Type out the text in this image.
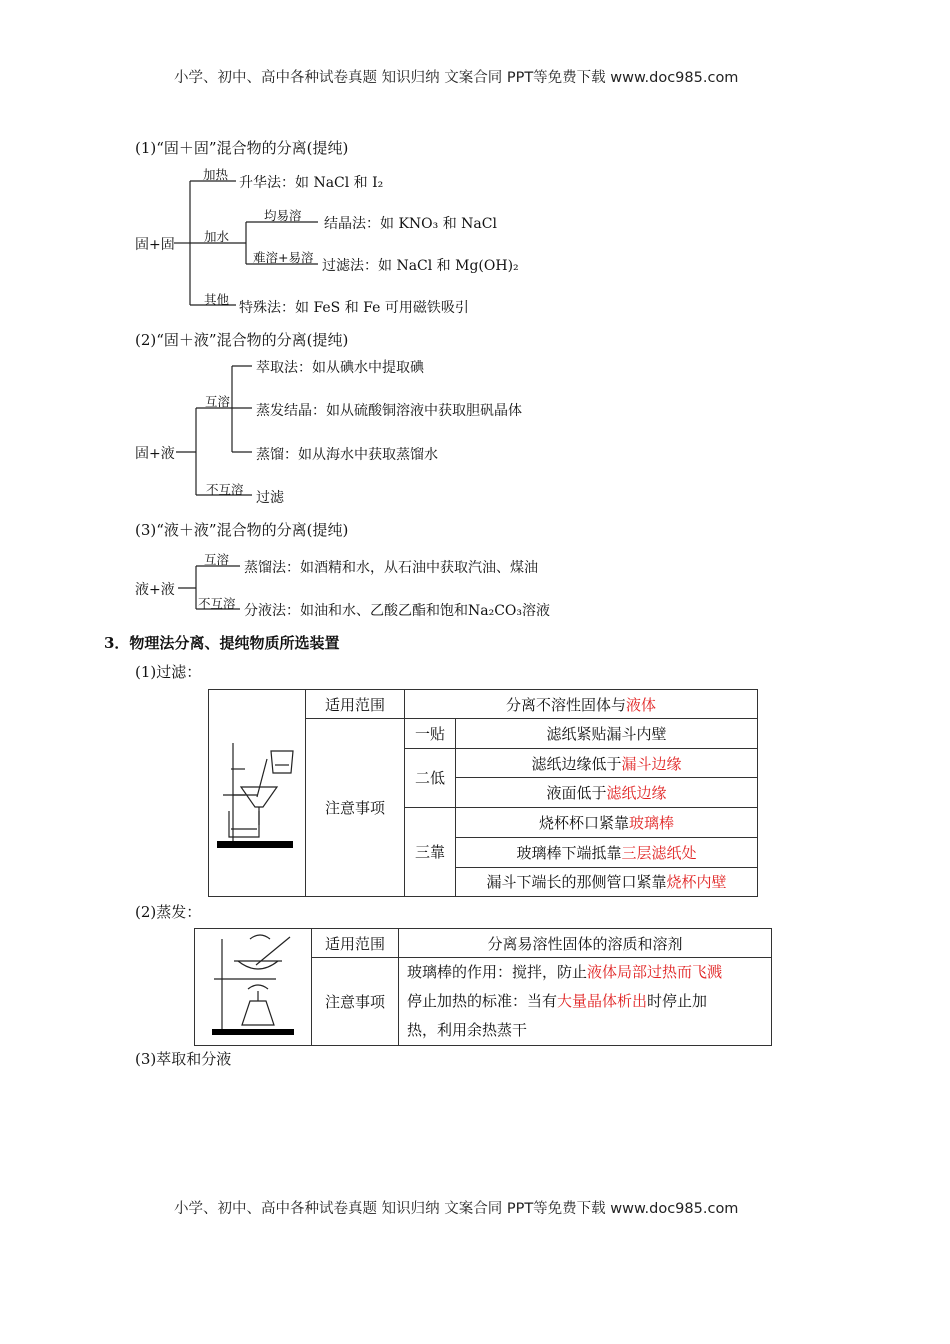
小学、初中、高中各种试卷真题 知识归纳 文案合同 PPT等免费下载 www.doc985.com
小学、初中、高中各种试卷真题 知识归纳 文案合同 PPT等免费下载 www.doc985.com
(1)“固＋固”混合物的分离(提纯)
固+固
加热
升华法：如 NaCl 和 I₂
加水
均易溶
结晶法：如 KNO₃ 和 NaCl
难溶+易溶
过滤法：如 NaCl 和 Mg(OH)₂
其他
特殊法：如 FeS 和 Fe 可用磁铁吸引
(2)“固＋液”混合物的分离(提纯)
固+液
互溶
萃取法：如从碘水中提取碘
蒸发结晶：如从硫酸铜溶液中获取胆矾晶体
蒸馏：如从海水中获取蒸馏水
不互溶
过滤
(3)“液＋液”混合物的分离(提纯)
液+液
互溶
蒸馏法：如酒精和水，从石油中获取汽油、煤油
不互溶 分液法：如油和水、乙酸乙酯和饱和Na₂CO₃溶液
3．物理法分离、提纯物质所选装置
(1)过滤：
	适用范围	分离不溶性固体与液体	
	注意事项	一贴	滤纸紧贴漏斗内壁
		二低	滤纸边缘低于漏斗边缘
			液面低于滤纸边缘
		三靠	烧杯杯口紧靠玻璃棒
			玻璃棒下端抵靠三层滤纸处
			漏斗下端长的那侧管口紧靠烧杯内壁
(2)蒸发：
	适用范围	分离易溶性固体的溶质和溶剂
	注意事项	玻璃棒的作用：搅拌，防止液体局部过热而飞溅
停止加热的标准：当有大量晶体析出时停止加
热，利用余热蒸干
(3)萃取和分液
